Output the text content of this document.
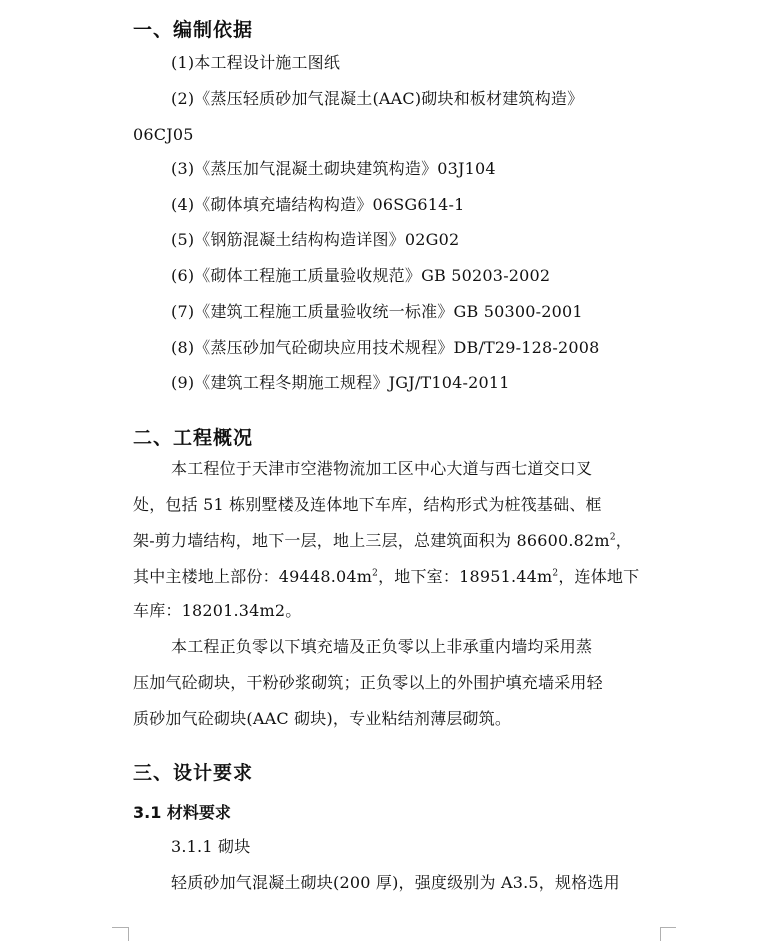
一、编制依据
(1)本工程设计施工图纸
(2)《蒸压轻质砂加气混凝土(AAC)砌块和板材建筑构造》
06CJ05
(3)《蒸压加气混凝土砌块建筑构造》03J104
(4)《砌体填充墙结构构造》06SG614-1
(5)《钢筋混凝土结构构造详图》02G02
(6)《砌体工程施工质量验收规范》GB 50203-2002
(7)《建筑工程施工质量验收统一标准》GB 50300-2001
(8)《蒸压砂加气砼砌块应用技术规程》DB/T29-128-2008
(9)《建筑工程冬期施工规程》JGJ/T104-2011
二、工程概况
本工程位于天津市空港物流加工区中心大道与西七道交口叉
处，包括 51 栋别墅楼及连体地下车库，结构形式为桩筏基础、框
架-剪力墙结构，地下一层，地上三层，总建筑面积为 $86600.82m^2$，
其中主楼地上部份：$49448.04m^2$，地下室：$18951.44m^2$，连体地下
车库：18201.34m2。
本工程正负零以下填充墙及正负零以上非承重内墙均采用蒸
压加气砼砌块，干粉砂浆砌筑；正负零以上的外围护填充墙采用轻
质砂加气砼砌块(AAC 砌块)，专业粘结剂薄层砌筑。
三、设计要求
3.1 材料要求
3.1.1 砌块
轻质砂加气混凝土砌块(200 厚)，强度级别为 A3.5，规格选用
